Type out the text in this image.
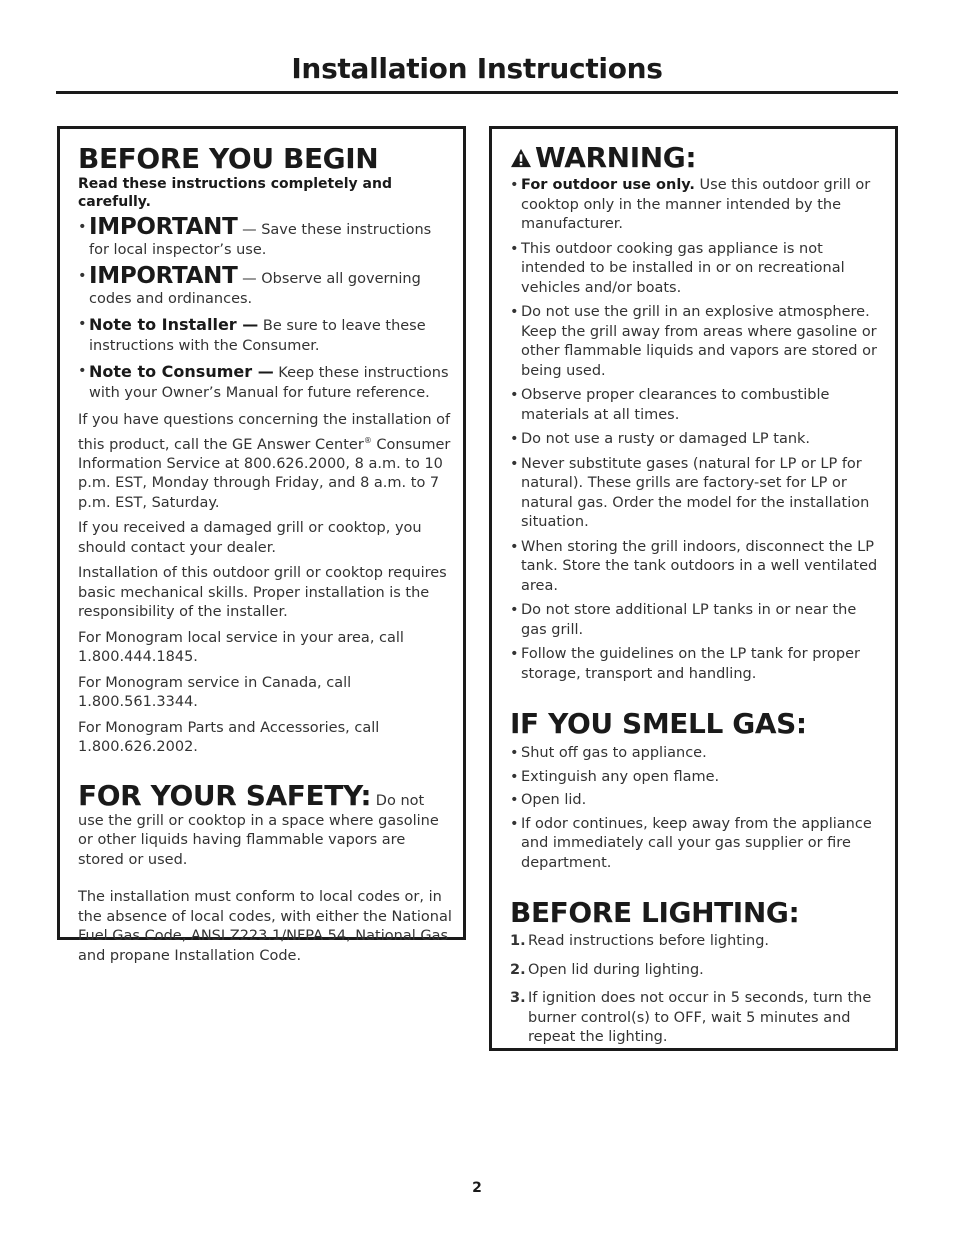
Installation Instructions
BEFORE YOU BEGIN
Read these instructions completely and carefully.
• IMPORTANT — Save these instructions for local inspector’s use.
• IMPORTANT — Observe all governing codes and ordinances.
• Note to Installer — Be sure to leave these instructions with the Consumer.
• Note to Consumer — Keep these instructions with your Owner’s Manual for future reference.
If you have questions concerning the installation of this product, call the GE Answer Center® Consumer Information Service at 800.626.2000, 8 a.m. to 10 p.m. EST, Monday through Friday, and 8 a.m. to 7 p.m. EST, Saturday.
If you received a damaged grill or cooktop, you should contact your dealer.
Installation of this outdoor grill or cooktop requires basic mechanical skills. Proper installation is the responsibility of the installer.
For Monogram local service in your area, call 1.800.444.1845.
For Monogram service in Canada, call 1.800.561.3344.
For Monogram Parts and Accessories, call 1.800.626.2002.
FOR YOUR SAFETY: Do not use the grill or cooktop in a space where gasoline or other liquids having flammable vapors are stored or used.
The installation must conform to local codes or, in the absence of local codes, with either the National Fuel Gas Code, ANSI Z223.1/NFPA 54, National Gas and propane Installation Code.
WARNING:
• For outdoor use only. Use this outdoor grill or cooktop only in the manner intended by the manufacturer.
• This outdoor cooking gas appliance is not intended to be installed in or on recreational vehicles and/or boats.
• Do not use the grill in an explosive atmosphere. Keep the grill away from areas where gasoline or other flammable liquids and vapors are stored or being used.
• Observe proper clearances to combustible materials at all times.
• Do not use a rusty or damaged LP tank.
• Never substitute gases (natural for LP or LP for natural). These grills are factory-set for LP or natural gas. Order the model for the installation situation.
• When storing the grill indoors, disconnect the LP tank. Store the tank outdoors in a well ventilated area.
• Do not store additional LP tanks in or near the gas grill.
• Follow the guidelines on the LP tank for proper storage, transport and handling.
IF YOU SMELL GAS:
• Shut off gas to appliance.
• Extinguish any open flame.
• Open lid.
• If odor continues, keep away from the appliance and immediately call your gas supplier or fire department.
BEFORE LIGHTING:
1. Read instructions before lighting.
2. Open lid during lighting.
3. If ignition does not occur in 5 seconds, turn the burner control(s) to OFF, wait 5 minutes and repeat the lighting.
2
